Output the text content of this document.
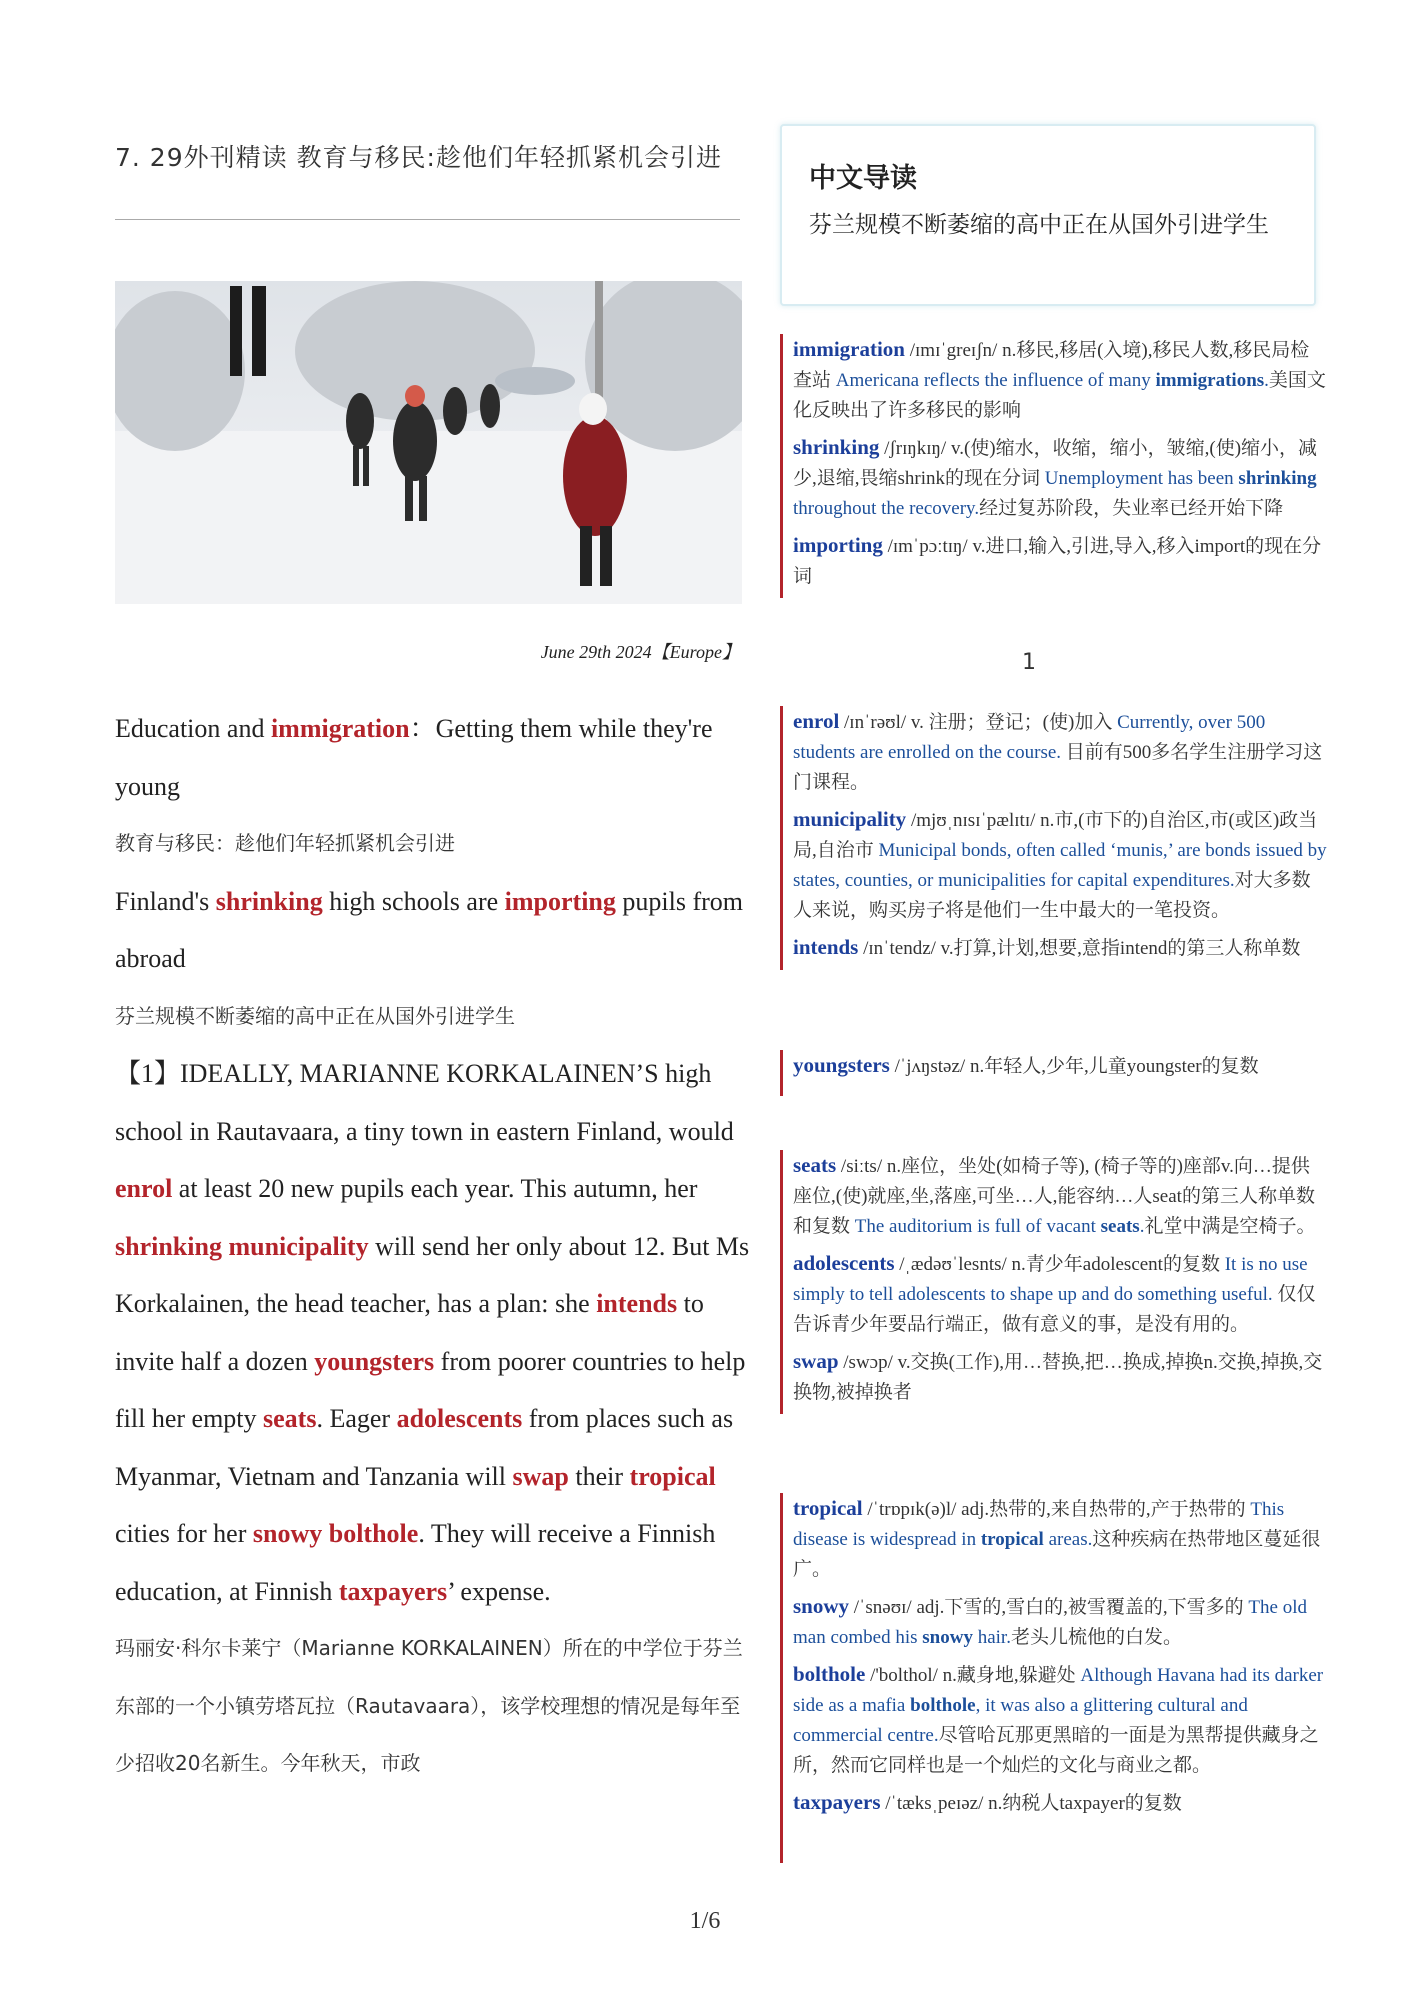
7. 29外刊精读 教育与移民:趁他们年轻抓紧机会引进
June 29th 2024【Europe】
中文导读
芬兰规模不断萎缩的高中正在从国外引进学生
immigration /ɪmɪˈgreɪʃn/ n.移民,移居(入境),移民人数,移民局检查站 Americana reflects the influence of many immigrations.美国文化反映出了许多移民的影响
shrinking /ʃrɪŋkɪŋ/ v.(使)缩水，收缩，缩小，皱缩,(使)缩小，减少,退缩,畏缩shrink的现在分词 Unemployment has been shrinking throughout the recovery.经过复苏阶段，失业率已经开始下降
importing /ɪmˈpɔːtɪŋ/ v.进口,输入,引进,导入,移入import的现在分词
1
enrol /ɪnˈrəʊl/ v. 注册；登记；(使)加入 Currently, over 500 students are enrolled on the course. 目前有500多名学生注册学习这门课程。
municipality /mjʊˌnɪsɪˈpælɪtɪ/ n.市,(市下的)自治区,市(或区)政当局,自治市 Municipal bonds, often called ‘munis,’ are bonds issued by states, counties, or municipalities for capital expenditures.对大多数人来说，购买房子将是他们一生中最大的一笔投资。
intends /ɪnˈtendz/ v.打算,计划,想要,意指intend的第三人称单数
youngsters /ˈjʌŋstəz/ n.年轻人,少年,儿童youngster的复数
seats /siːts/ n.座位，坐处(如椅子等), (椅子等的)座部v.向…提供座位,(使)就座,坐,落座,可坐…人,能容纳…人seat的第三人称单数和复数 The auditorium is full of vacant seats.礼堂中满是空椅子。
adolescents /ˌædəʊˈlesnts/ n.青少年adolescent的复数 It is no use simply to tell adolescents to shape up and do something useful. 仅仅告诉青少年要品行端正，做有意义的事，是没有用的。
swap /swɔp/ v.交换(工作),用…替换,把…换成,掉换n.交换,掉换,交换物,被掉换者
tropical /ˈtrɒpɪk(ə)l/ adj.热带的,来自热带的,产于热带的 This disease is widespread in tropical areas.这种疾病在热带地区蔓延很广。
snowy /ˈsnəʊɪ/ adj.下雪的,雪白的,被雪覆盖的,下雪多的 The old man combed his snowy hair.老头儿梳他的白发。
bolthole /'bolthol/ n.藏身地,躲避处 Although Havana had its darker side as a mafia bolthole, it was also a glittering cultural and commercial centre.尽管哈瓦那更黑暗的一面是为黑帮提供藏身之所，然而它同样也是一个灿烂的文化与商业之都。
taxpayers /ˈtæksˌpeɪəz/ n.纳税人taxpayer的复数
Education and immigration：Getting them while they're young
教育与移民：趁他们年轻抓紧机会引进
Finland's shrinking high schools are importing pupils from abroad
芬兰规模不断萎缩的高中正在从国外引进学生
【1】IDEALLY, MARIANNE KORKALAINEN’S high school in Rautavaara, a tiny town in eastern Finland, would enrol at least 20 new pupils each year. This autumn, her shrinking municipality will send her only about 12. But Ms Korkalainen, the head teacher, has a plan: she intends to invite half a dozen youngsters from poorer countries to help fill her empty seats. Eager adolescents from places such as Myanmar, Vietnam and Tanzania will swap their tropical cities for her snowy bolthole. They will receive a Finnish education, at Finnish taxpayers’ expense.
玛丽安·科尔卡莱宁（Marianne KORKALAINEN）所在的中学位于芬兰东部的一个小镇劳塔瓦拉（Rautavaara），该学校理想的情况是每年至少招收20名新生。今年秋天，市政
1/6
